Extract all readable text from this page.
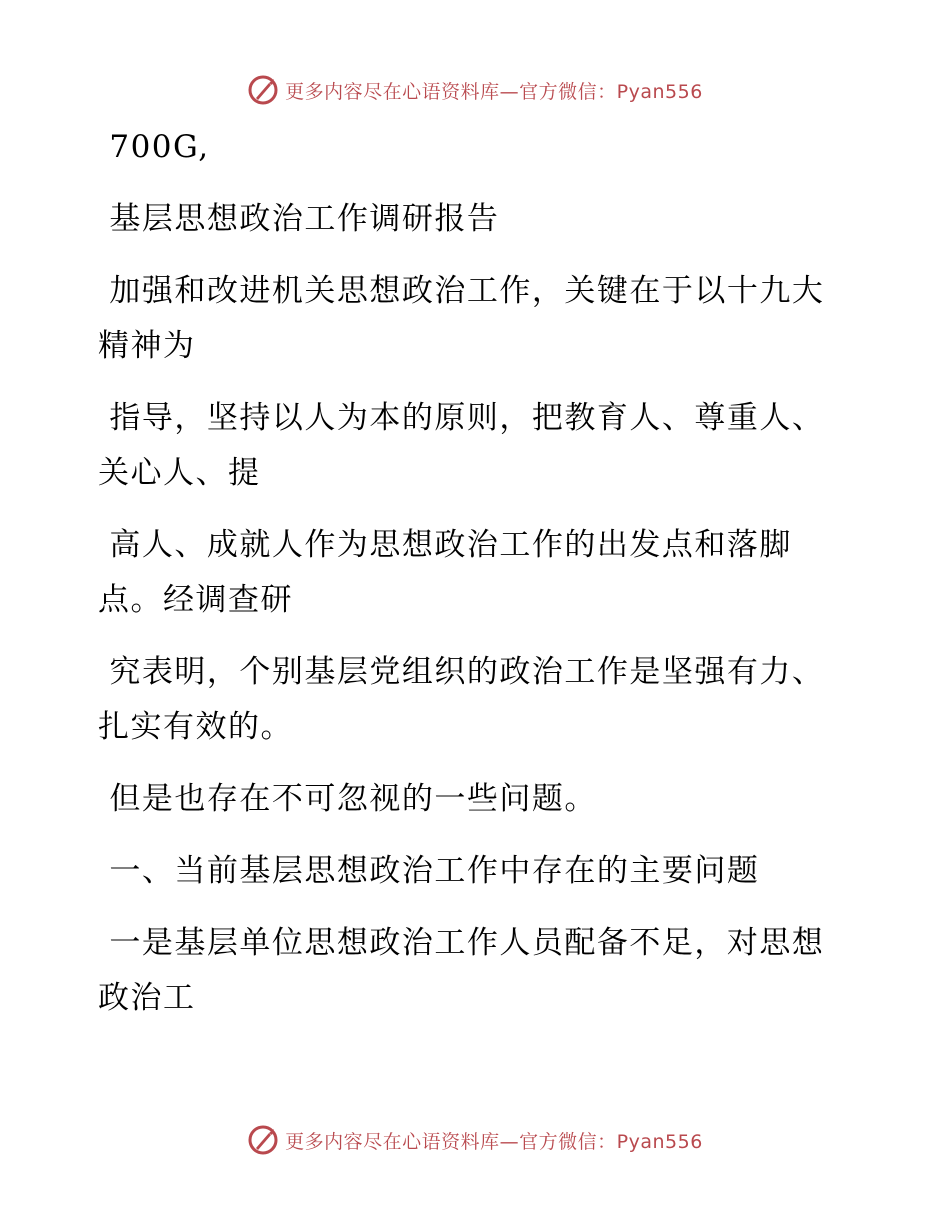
更多内容尽在心语资料库—官方微信：Pyan556

700G,

基层思想政治工作调研报告

加强和改进机关思想政治工作，关键在于以十九大精神为

指导，坚持以人为本的原则，把教育人、尊重人、关心人、提

高人、成就人作为思想政治工作的出发点和落脚点。经调查研

究表明，个别基层党组织的政治工作是坚强有力、扎实有效的。

但是也存在不可忽视的一些问题。

一、当前基层思想政治工作中存在的主要问题

一是基层单位思想政治工作人员配备不足，对思想政治工

更多内容尽在心语资料库—官方微信：Pyan556
